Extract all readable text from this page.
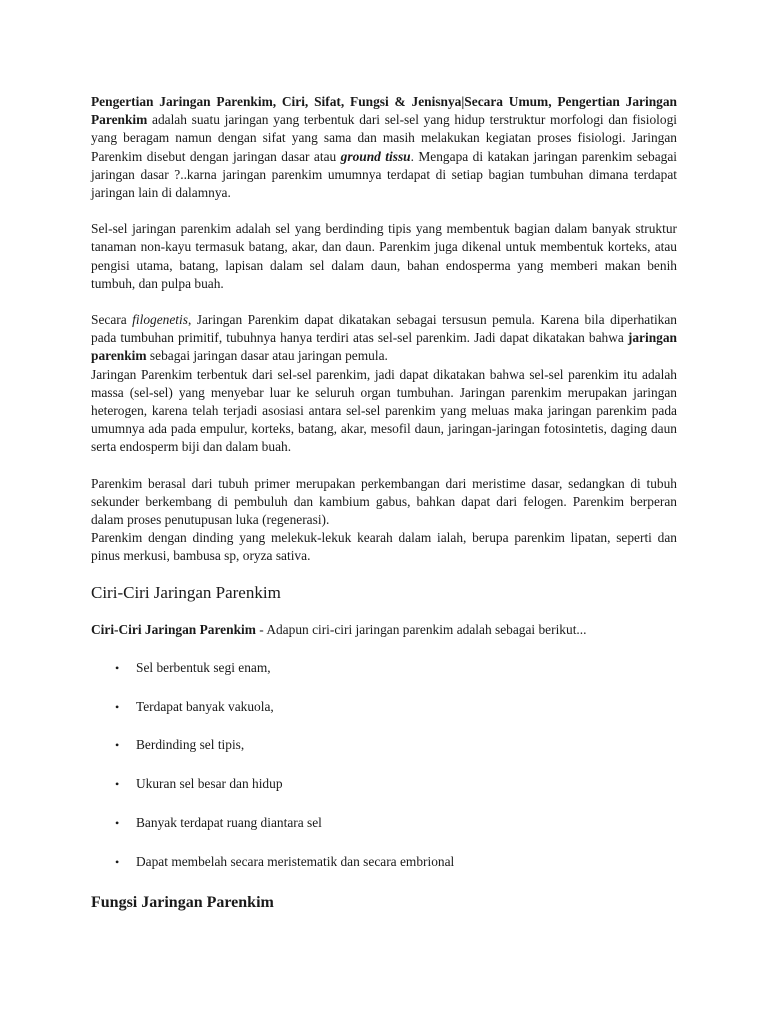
Pengertian Jaringan Parenkim, Ciri, Sifat, Fungsi & Jenisnya|Secara Umum, Pengertian Jaringan Parenkim adalah suatu jaringan yang terbentuk dari sel-sel yang hidup terstruktur morfologi dan fisiologi yang beragam namun dengan sifat yang sama dan masih melakukan kegiatan proses fisiologi. Jaringan Parenkim disebut dengan jaringan dasar atau ground tissu. Mengapa di katakan jaringan parenkim sebagai jaringan dasar ?..karna jaringan parenkim umumnya terdapat di setiap bagian tumbuhan dimana terdapat jaringan lain di dalamnya.

Sel-sel jaringan parenkim adalah sel yang berdinding tipis yang membentuk bagian dalam banyak struktur tanaman non-kayu termasuk batang, akar, dan daun. Parenkim juga dikenal untuk membentuk korteks, atau pengisi utama, batang, lapisan dalam sel dalam daun, bahan endosperma yang memberi makan benih tumbuh, dan pulpa buah.

Secara filogenetis, Jaringan Parenkim dapat dikatakan sebagai tersusun pemula. Karena bila diperhatikan pada tumbuhan primitif, tubuhnya hanya terdiri atas sel-sel parenkim. Jadi dapat dikatakan bahwa jaringan parenkim sebagai jaringan dasar atau jaringan pemula.

Jaringan Parenkim terbentuk dari sel-sel parenkim, jadi dapat dikatakan bahwa sel-sel parenkim itu adalah massa (sel-sel) yang menyebar luar ke seluruh organ tumbuhan. Jaringan parenkim merupakan jaringan heterogen, karena telah terjadi asosiasi antara sel-sel parenkim yang meluas maka jaringan parenkim pada umumnya ada pada empulur, korteks, batang, akar, mesofil daun, jaringan-jaringan fotosintetis, daging daun serta endosperm biji dan dalam buah.

Parenkim berasal dari tubuh primer merupakan perkembangan dari meristime dasar, sedangkan di tubuh sekunder berkembang di pembuluh dan kambium gabus, bahkan dapat dari felogen. Parenkim berperan dalam proses penutupusan luka (regenerasi).

Parenkim dengan dinding yang melekuk-lekuk kearah dalam ialah, berupa parenkim lipatan, seperti dan pinus merkusi, bambusa sp, oryza sativa.

Ciri-Ciri Jaringan Parenkim

Ciri-Ciri Jaringan Parenkim - Adapun ciri-ciri jaringan parenkim adalah sebagai berikut...

• Sel berbentuk segi enam,
• Terdapat banyak vakuola,
• Berdinding sel tipis,
• Ukuran sel besar dan hidup
• Banyak terdapat ruang diantara sel
• Dapat membelah secara meristematik dan secara embrional
Fungsi Jaringan Parenkim
